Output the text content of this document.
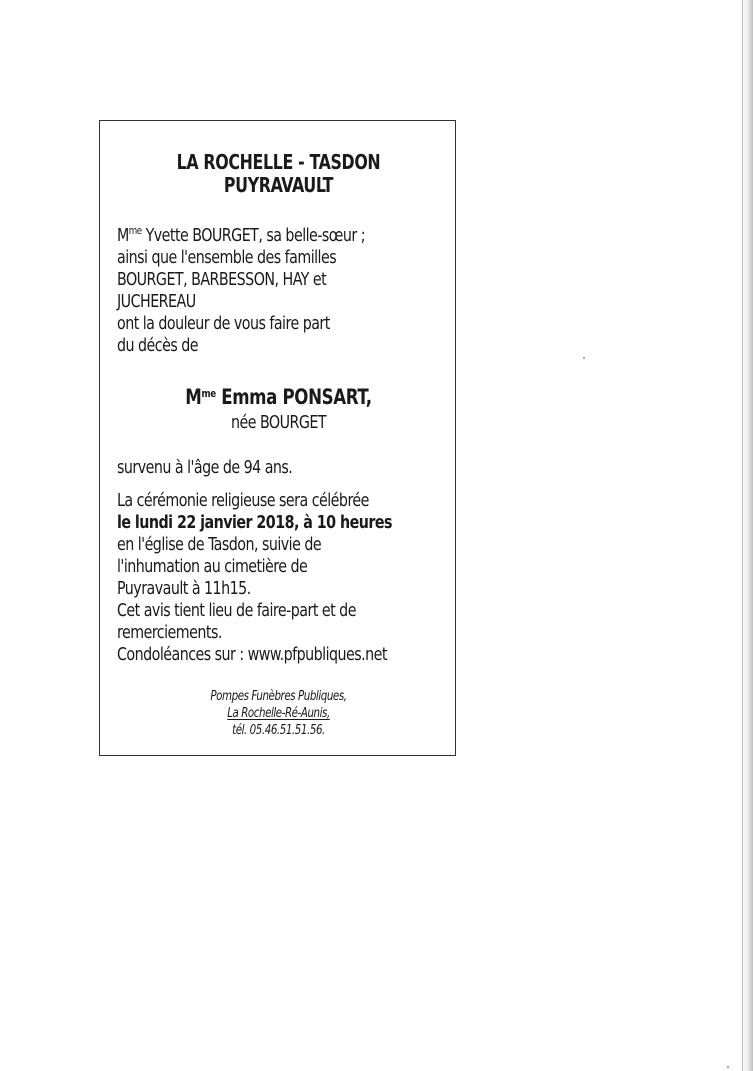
LA ROCHELLE - TASDON
PUYRAVAULT
$M^{me}$ Yvette BOURGET, sa belle-sœur ;
ainsi que l'ensemble des familles
BOURGET, BARBESSON, HAY et
JUCHEREAU
ont la douleur de vous faire part
du décès de
$M^{me}$ Emma PONSART,
née BOURGET
survenu à l'âge de 94 ans.
La cérémonie religieuse sera célébrée
le lundi 22 janvier 2018, à 10 heures
en l'église de Tasdon, suivie de
l'inhumation au cimetière de
Puyravault à 11h15.
Cet avis tient lieu de faire-part et de
remerciements.
Condoléances sur : www.pfpubliques.net
Pompes Funèbres Publiques,
La Rochelle-Ré-Aunis,
tél. 05.46.51.51.56.
